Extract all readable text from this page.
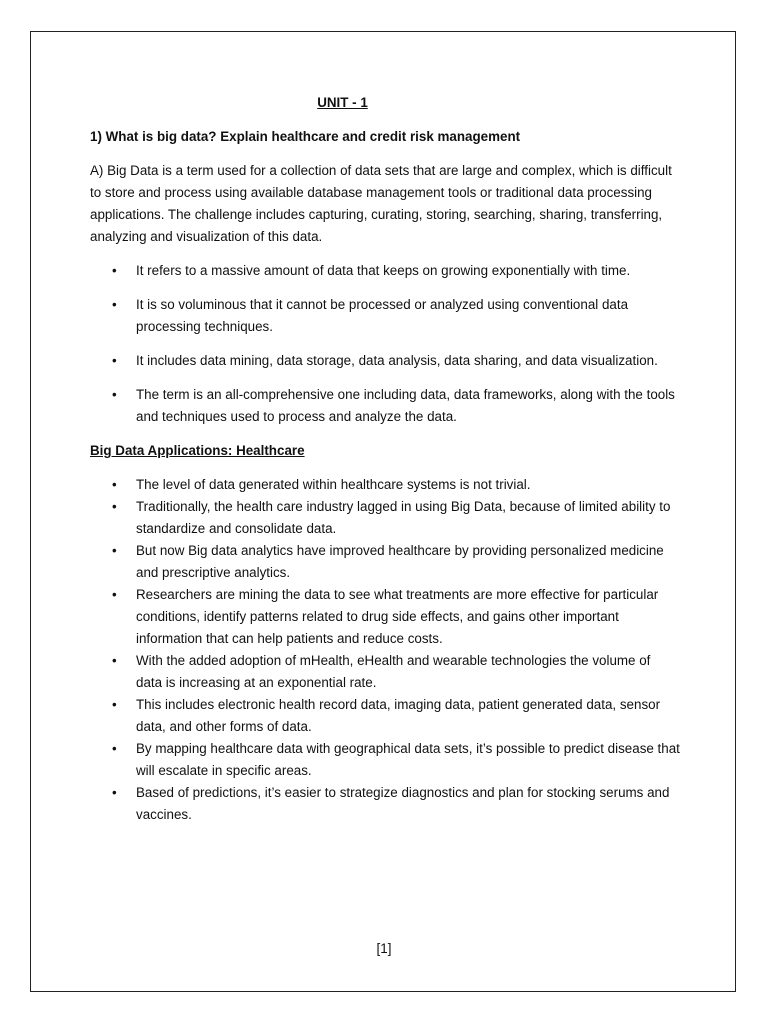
UNIT - 1
1) What is big data? Explain healthcare and credit risk management
A) Big Data is a term used for a collection of data sets that are large and complex, which is difficult to store and process using available database management tools or traditional data processing applications. The challenge includes capturing, curating, storing, searching, sharing, transferring, analyzing and visualization of this data.
• It refers to a massive amount of data that keeps on growing exponentially with time.
• It is so voluminous that it cannot be processed or analyzed using conventional data processing techniques.
• It includes data mining, data storage, data analysis, data sharing, and data visualization.
• The term is an all-comprehensive one including data, data frameworks, along with the tools and techniques used to process and analyze the data.
Big Data Applications: Healthcare
• The level of data generated within healthcare systems is not trivial.
• Traditionally, the health care industry lagged in using Big Data, because of limited ability to standardize and consolidate data.
• But now Big data analytics have improved healthcare by providing personalized medicine and prescriptive analytics.
• Researchers are mining the data to see what treatments are more effective for particular conditions, identify patterns related to drug side effects, and gains other important information that can help patients and reduce costs.
• With the added adoption of mHealth, eHealth and wearable technologies the volume of data is increasing at an exponential rate.
• This includes electronic health record data, imaging data, patient generated data, sensor data, and other forms of data.
• By mapping healthcare data with geographical data sets, it’s possible to predict disease that will escalate in specific areas.
• Based of predictions, it’s easier to strategize diagnostics and plan for stocking serums and vaccines.
[1]
